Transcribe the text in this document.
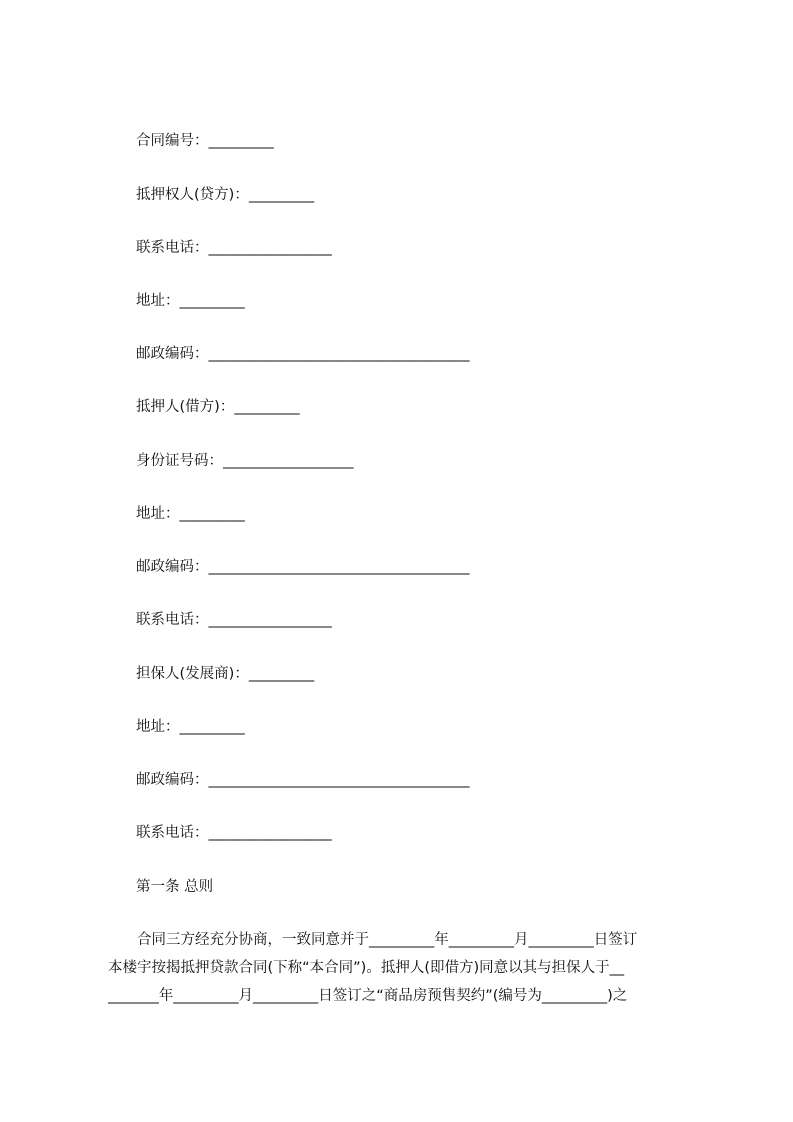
合同编号：_________
抵押权人(贷方)：_________
联系电话：_________________
地址：_________
邮政编码：____________________________________
抵押人(借方)：_________
身份证号码：__________________
地址：_________
邮政编码：____________________________________
联系电话：_________________
担保人(发展商)：_________
地址：_________
邮政编码：____________________________________
联系电话：_________________
第一条 总则
　　合同三方经充分协商，一致同意并于_________年_________月_________日签订
本楼宇按揭抵押贷款合同(下称“本合同”)。抵押人(即借方)同意以其与担保人于__
_______年_________月_________日签订之“商品房预售契约”(编号为_________)之
